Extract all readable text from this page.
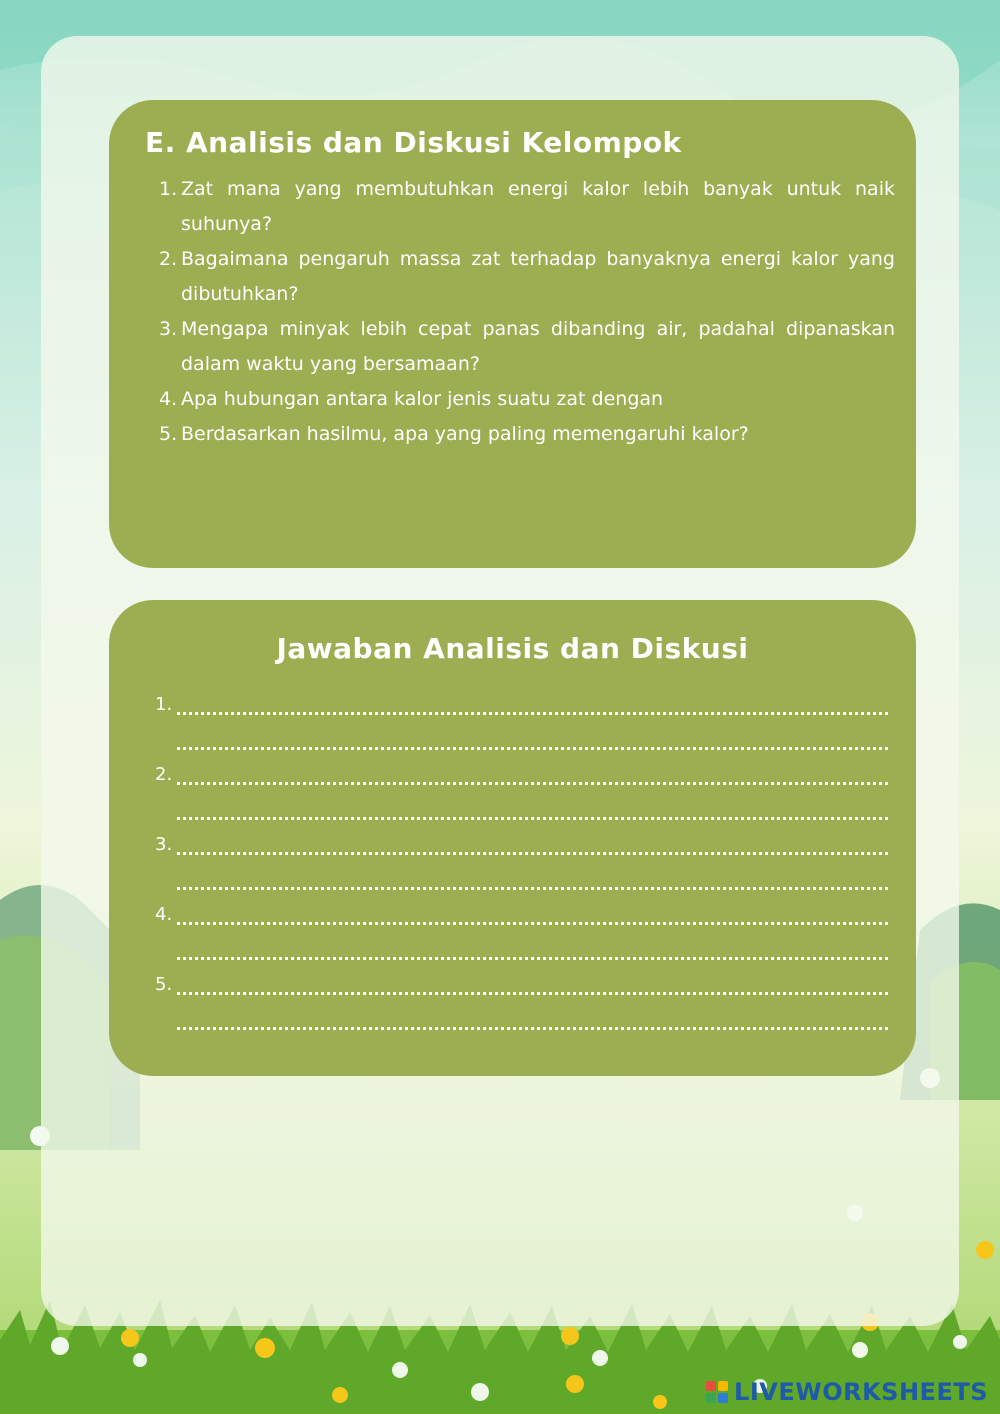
E. Analisis dan Diskusi Kelompok
1. Zat mana yang membutuhkan energi kalor lebih banyak untuk naik suhunya?
2. Bagaimana pengaruh massa zat terhadap banyaknya energi kalor yang dibutuhkan?
3. Mengapa minyak lebih cepat panas dibanding air, padahal dipanaskan dalam waktu yang bersamaan?
4. Apa hubungan antara kalor jenis suatu zat dengan
5. Berdasarkan hasilmu, apa yang paling memengaruhi kalor?
Jawaban Analisis dan Diskusi
1.
2.
3.
4.
5.
LIVEWORKSHEETS
